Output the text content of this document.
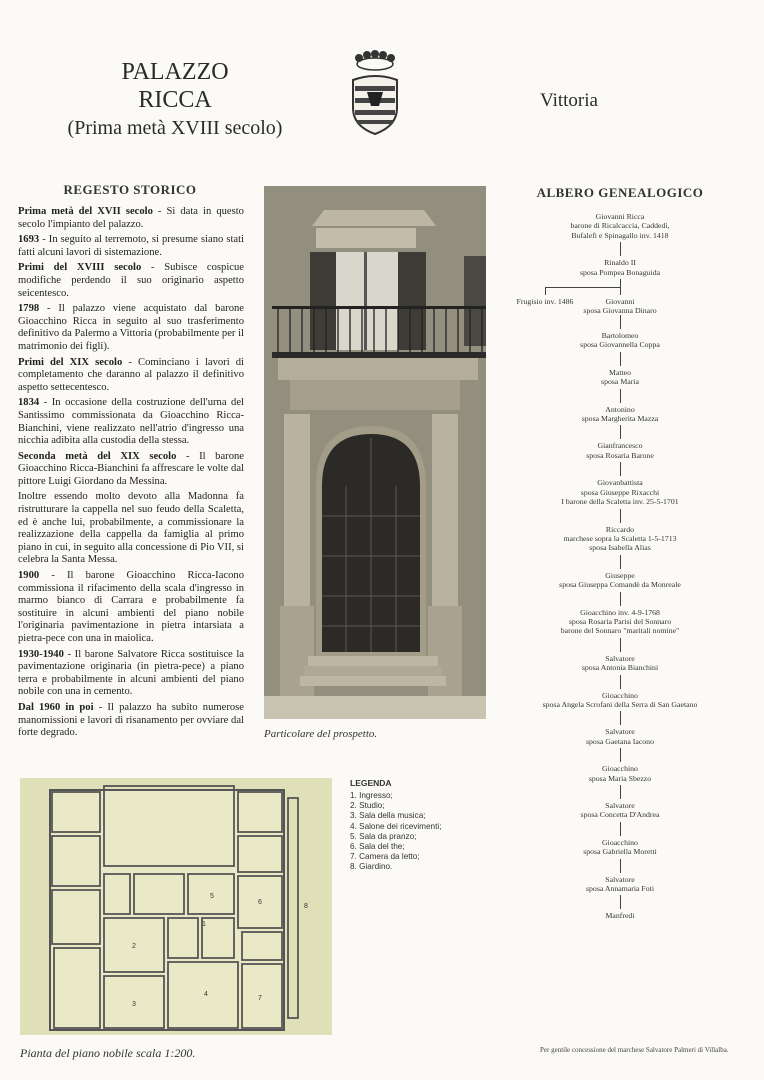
PALAZZO
RICCA
(Prima metà XVIII secolo)
Vittoria
REGESTO STORICO

Prima metà del XVII secolo - Si data in questo secolo l'impianto del palazzo.

1693 - In seguito al terremoto, si presume siano stati fatti alcuni lavori di sistemazione.

Primi del XVIII secolo - Subisce cospicue modifiche perdendo il suo originario aspetto seicentesco.

1798 - Il palazzo viene acquistato dal barone Gioacchino Ricca in seguito al suo trasferimento definitivo da Palermo a Vittoria (probabilmente per il matrimonio dei figli).

Primi del XIX secolo - Cominciano i lavori di completamento che daranno al palazzo il definitivo aspetto settecentesco.

1834 - In occasione della costruzione dell'urna del Santissimo commissionata da Gioacchino Ricca-Bianchini, viene realizzato nell'atrio d'ingresso una nicchia adibita alla custodia della stessa.

Seconda metà del XIX secolo - Il barone Gioacchino Ricca-Bianchini fa affrescare le volte dal pittore Luigi Giordano da Messina.

Inoltre essendo molto devoto alla Madonna fa ristrutturare la cappella nel suo feudo della Scaletta, ed è anche lui, probabilmente, a commissionare la realizzazione della cappella da famiglia al primo piano in cui, in seguito alla concessione di Pio VII, si celebra la Santa Messa.

1900 - Il barone Gioacchino Ricca-Iacono commissiona il rifacimento della scala d'ingresso in marmo bianco di Carrara e probabilmente fa sostituire in alcuni ambienti del piano nobile l'originaria pavimentazione in pietra intarsiata a pietra-pece con una in maiolica.

1930-1940 - Il barone Salvatore Ricca sostituisce la pavimentazione originaria (in pietra-pece) a piano terra e probabilmente in alcuni ambienti del piano nobile con una in cemento.

Dal 1960 in poi - Il palazzo ha subito numerose manomissioni e lavori di risanamento per ovviare dal forte degrado.	Particolare del prospetto.
ALBERO GENEALOGICO
Giovanni Ricca
barone di Ricalcaccia, Caddedi,
Bufalefi e Spinagallo inv. 1418
Rinaldo II
sposa Pompea Bonaguida
Frugisio inv. 1486	Giovanni
sposa Giovanna Dinaro
Bartolomeo
sposa Giovannella Coppa
Matteo
sposa Maria
Antonino
sposa Margherita Mazza
Gianfrancesco
sposa Rosaria Barone
Giovanbattista
sposa Giuseppe Rixacchi
I barone della Scaletta inv. 25-5-1701
Riccardo
marchese sopra la Scaletta 1-5-1713
sposa Isabella Alias
Giuseppe
sposa Giuseppa Comandè da Monreale
Gioacchino inv. 4-9-1768
sposa Rosaria Parisi del Sonnaro
barone del Sonnaro "maritali nomine"
Salvatore
sposa Antonia Bianchini
Gioacchino
sposa Angela Scrofani della Serra di San Gaetano
Salvatore
sposa Gaetana Iacono
Gioacchino
sposa Maria Sbezzo
Salvatore
sposa Concetta D'Andrea
Gioacchino
sposa Gabriella Moretti
Salvatore
sposa Annamaria Foti
Manfredi
1
2
3
4
5
6
7
8
LEGENDA
1. Ingresso;
2. Studio;
3. Sala della musica;
4. Salone dei ricevimenti;
5. Sala da pranzo;
6. Sala del the;
7. Camera da letto;
8. Giardino.
Pianta del piano nobile scala 1:200.	Per gentile concessione del marchese Salvatore Palmeri di Villalba.
